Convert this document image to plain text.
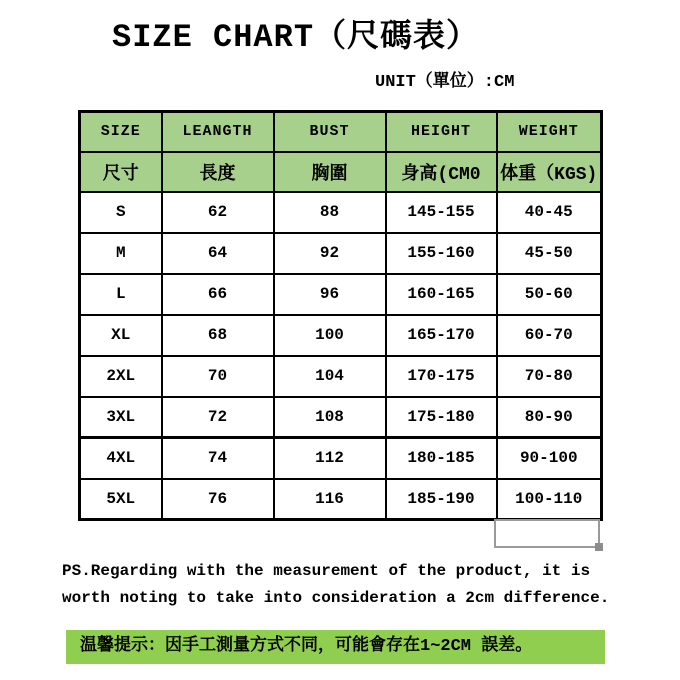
SIZE CHART（尺碼表）
UNIT（單位）:CM
SIZE	LEANGTH	BUST	HEIGHT	WEIGHT
尺寸	長度	胸圍	身高(CM0	体重（KGS)
S	62	88	145-155	40-45
M	64	92	155-160	45-50
L	66	96	160-165	50-60
XL	68	100	165-170	60-70
2XL	70	104	170-175	70-80
3XL	72	108	175-180	80-90
4XL	74	112	180-185	90-100
5XL	76	116	185-190	100-110

PS.Regarding with the measurement of the product, it is
worth noting to take into consideration a 2cm difference.

温馨提示：因手工測量方式不同，可能會存在1~2CM 誤差。
